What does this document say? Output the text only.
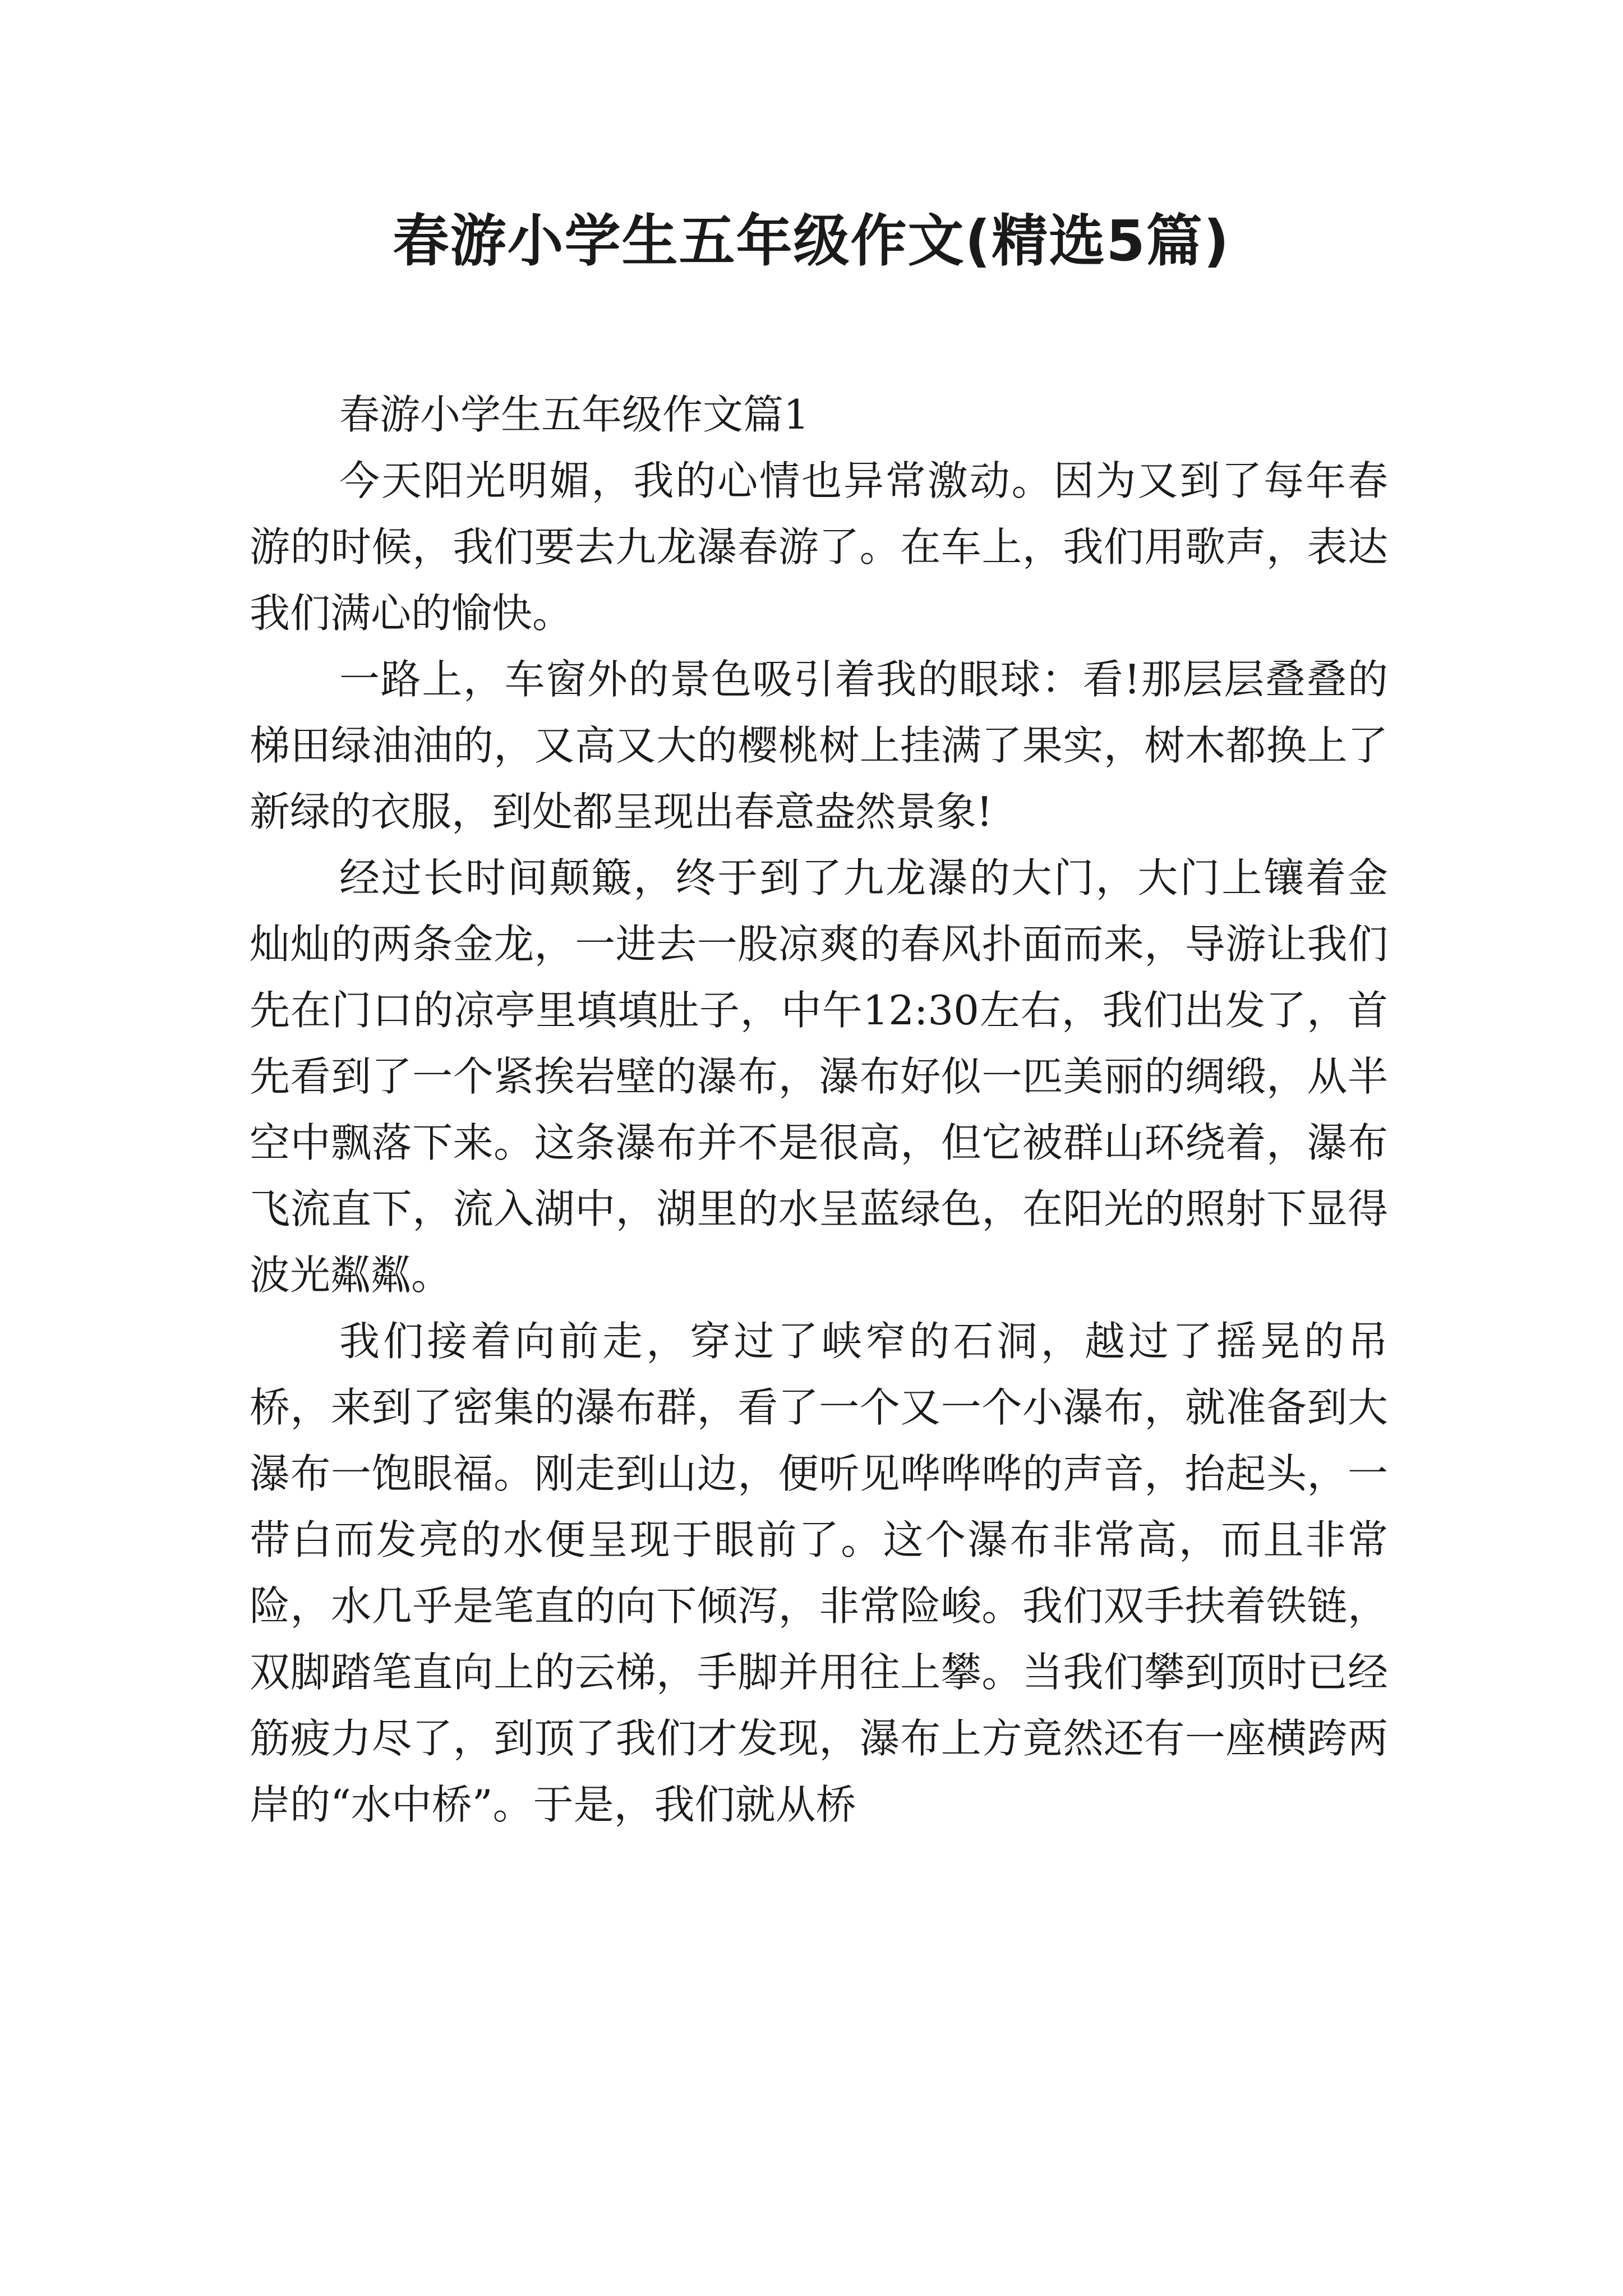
春游小学生五年级作文(精选5篇)
春游小学生五年级作文篇1

今天阳光明媚，我的心情也异常激动。因为又到了每年春游的时候，我们要去九龙瀑春游了。在车上，我们用歌声，表达我们满心的愉快。

一路上，车窗外的景色吸引着我的眼球：看!那层层叠叠的梯田绿油油的，又高又大的樱桃树上挂满了果实，树木都换上了新绿的衣服，到处都呈现出春意盎然景象!

经过长时间颠簸，终于到了九龙瀑的大门，大门上镶着金灿灿的两条金龙，一进去一股凉爽的春风扑面而来，导游让我们先在门口的凉亭里填填肚子，中午12:30左右，我们出发了，首先看到了一个紧挨岩壁的瀑布，瀑布好似一匹美丽的绸缎，从半空中飘落下来。这条瀑布并不是很高，但它被群山环绕着，瀑布飞流直下，流入湖中，湖里的水呈蓝绿色，在阳光的照射下显得波光粼粼。

我们接着向前走，穿过了峡窄的石洞，越过了摇晃的吊桥，来到了密集的瀑布群，看了一个又一个小瀑布，就准备到大瀑布一饱眼福。刚走到山边，便听见哗哗哗的声音，抬起头，一带白而发亮的水便呈现于眼前了。这个瀑布非常高，而且非常险，水几乎是笔直的向下倾泻，非常险峻。我们双手扶着铁链，双脚踏笔直向上的云梯，手脚并用往上攀。当我们攀到顶时已经筋疲力尽了，到顶了我们才发现，瀑布上方竟然还有一座横跨两岸的“水中桥”。于是，我们就从桥
